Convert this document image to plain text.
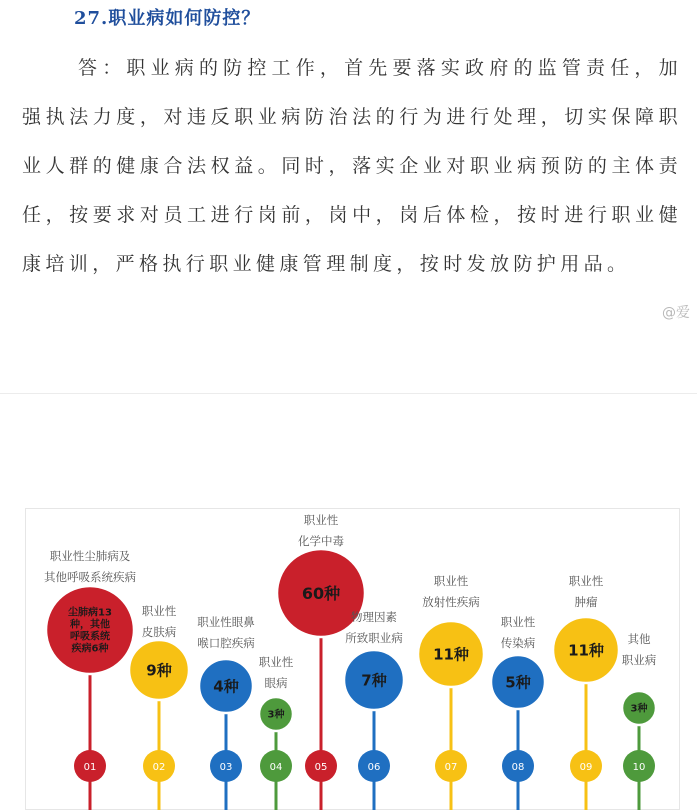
27.职业病如何防控？

答：职业病的防控工作，首先要落实政府的监管责任，加强执法力度，对违反职业病防治法的行为进行处理，切实保障职业人群的健康合法权益。同时，落实企业对职业病预防的主体责任，按要求对员工进行岗前，岗中，岗后体检，按时进行职业健康培训，严格执行职业健康管理制度，按时发放防护用品。

@爱
01
尘肺病13
种，其他
呼吸系统
疾病6种
职业性尘肺病及
其他呼吸系统疾病
02
9种
职业性
皮肤病
03
4种
职业性眼鼻
喉口腔疾病
04
3种
职业性
眼病
05
60种
职业性
化学中毒
06
7种
物理因素
所致职业病
07
11种
职业性
放射性疾病
08
5种
职业性
传染病
09
11种
职业性
肿瘤
10
3种
其他
职业病
